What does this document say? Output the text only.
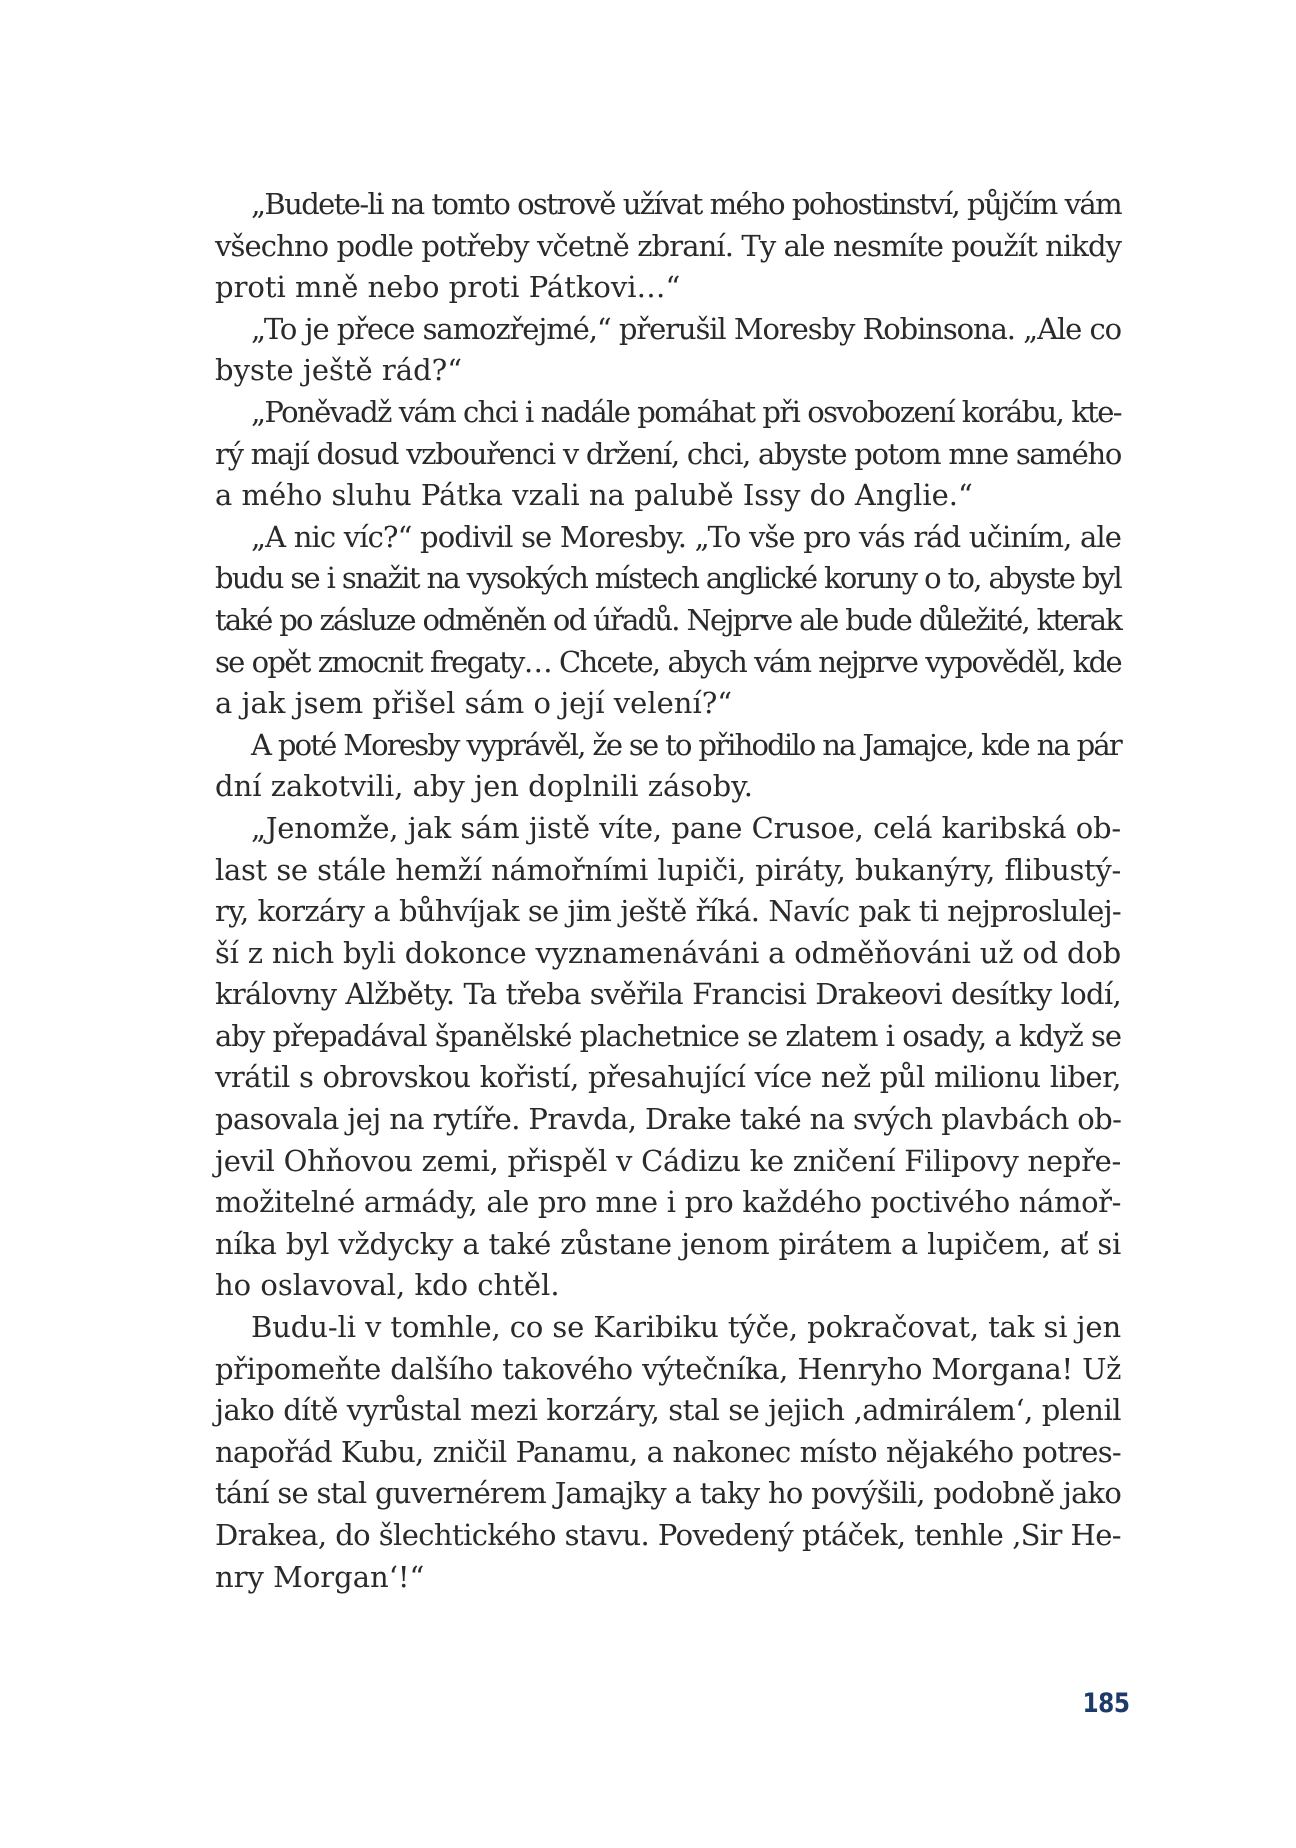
„Budete-li na tomto ostrově užívat mého pohostinství, půjčím vám
všechno podle potřeby včetně zbraní. Ty ale nesmíte použít nikdy
proti mně nebo proti Pátkovi…“

„To je přece samozřejmé,“ přerušil Moresby Robinsona. „Ale co
byste ještě rád?“

„Poněvadž vám chci i nadále pomáhat při osvobození korábu, kte-
rý mají dosud vzbouřenci v držení, chci, abyste potom mne samého
a mého sluhu Pátka vzali na palubě Issy do Anglie.“

„A nic víc?“ podivil se Moresby. „To vše pro vás rád učiním, ale
budu se i snažit na vysokých místech anglické koruny o to, abyste byl
také po zásluze odměněn od úřadů. Nejprve ale bude důležité, kterak
se opět zmocnit fregaty… Chcete, abych vám nejprve vypověděl, kde
a jak jsem přišel sám o její velení?“

A poté Moresby vyprávěl, že se to přihodilo na Jamajce, kde na pár
dní zakotvili, aby jen doplnili zásoby.

„Jenomže, jak sám jistě víte, pane Crusoe, celá karibská ob-
last se stále hemží námořními lupiči, piráty, bukanýry, flibustý-
ry, korzáry a bůhvíjak se jim ještě říká. Navíc pak ti nejproslulej-
ší z nich byli dokonce vyznamenáváni a odměňováni už od dob
královny Alžběty. Ta třeba svěřila Francisi Drakeovi desítky lodí,
aby přepadával španělské plachetnice se zlatem i osady, a když se
vrátil s obrovskou kořistí, přesahující více než půl milionu liber,
pasovala jej na rytíře. Pravda, Drake také na svých plavbách ob-
jevil Ohňovou zemi, přispěl v Cádizu ke zničení Filipovy nepře-
možitelné armády, ale pro mne i pro každého poctivého námoř-
níka byl vždycky a také zůstane jenom pirátem a lupičem, ať si
ho oslavoval, kdo chtěl.

Budu-li v tomhle, co se Karibiku týče, pokračovat, tak si jen
připomeňte dalšího takového výtečníka, Henryho Morgana! Už
jako dítě vyrůstal mezi korzáry, stal se jejich ‚admirálem‘, plenil
napořád Kubu, zničil Panamu, a nakonec místo nějakého potres-
tání se stal guvernérem Jamajky a taky ho povýšili, podobně jako
Drakea, do šlechtického stavu. Povedený ptáček, tenhle ‚Sir He-
nry Morgan‘!“

185
